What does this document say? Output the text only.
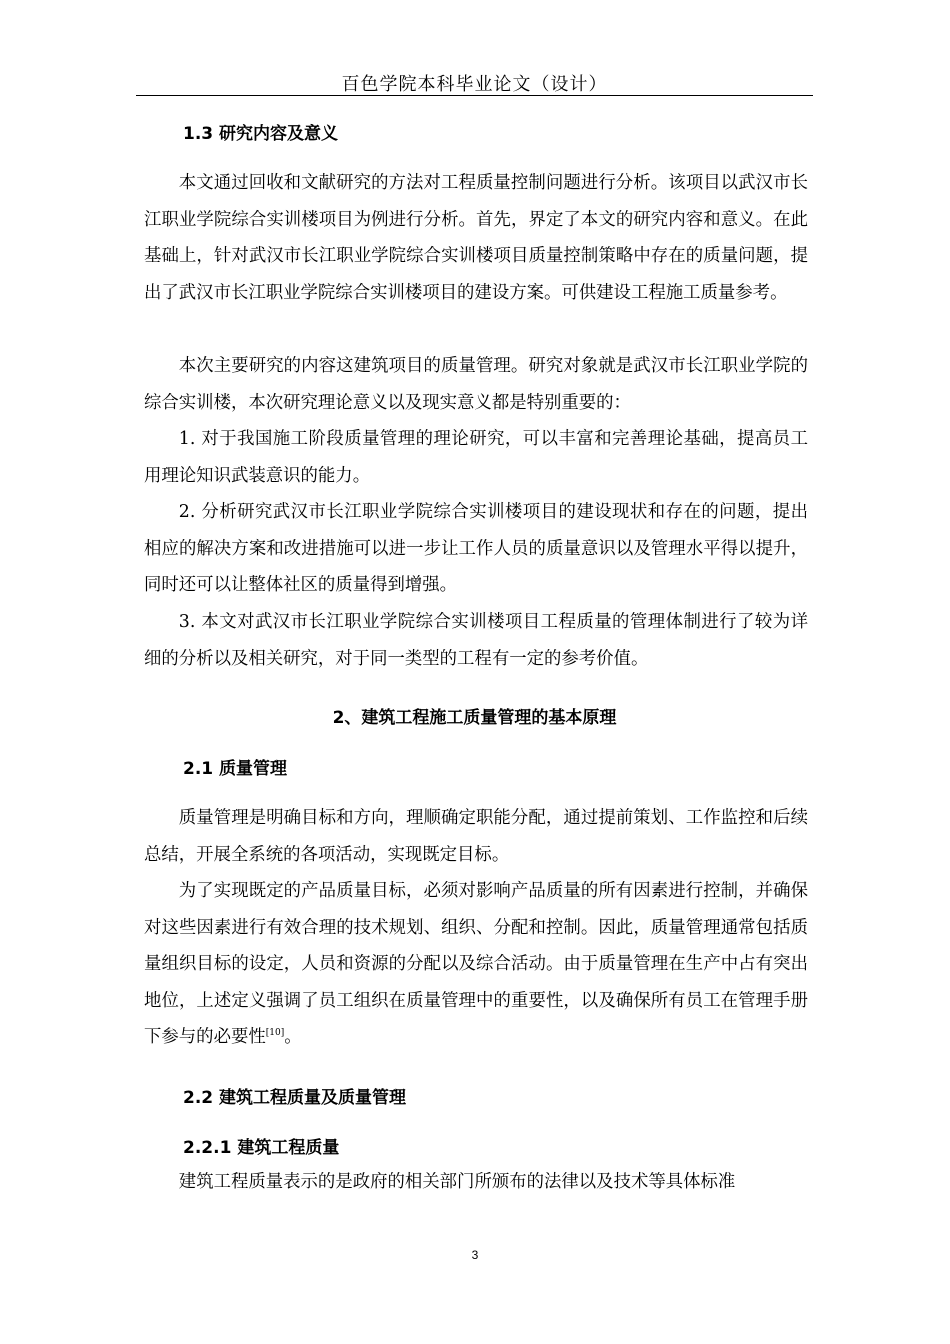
百色学院本科毕业论文（设计）
1.3 研究内容及意义

本文通过回收和文献研究的方法对工程质量控制问题进行分析。该项目以武汉市长江职业学院综合实训楼项目为例进行分析。首先，界定了本文的研究内容和意义。在此基础上，针对武汉市长江职业学院综合实训楼项目质量控制策略中存在的质量问题，提出了武汉市长江职业学院综合实训楼项目的建设方案。可供建设工程施工质量参考。

本次主要研究的内容这建筑项目的质量管理。研究对象就是武汉市长江职业学院的综合实训楼，本次研究理论意义以及现实意义都是特别重要的：

1. 对于我国施工阶段质量管理的理论研究，可以丰富和完善理论基础，提高员工用理论知识武装意识的能力。

2. 分析研究武汉市长江职业学院综合实训楼项目的建设现状和存在的问题，提出相应的解决方案和改进措施可以进一步让工作人员的质量意识以及管理水平得以提升，同时还可以让整体社区的质量得到增强。

3. 本文对武汉市长江职业学院综合实训楼项目工程质量的管理体制进行了较为详细的分析以及相关研究，对于同一类型的工程有一定的参考价值。

2、建筑工程施工质量管理的基本原理
2.1 质量管理

质量管理是明确目标和方向，理顺确定职能分配，通过提前策划、工作监控和后续总结，开展全系统的各项活动，实现既定目标。

为了实现既定的产品质量目标，必须对影响产品质量的所有因素进行控制，并确保对这些因素进行有效合理的技术规划、组织、分配和控制。因此，质量管理通常包括质量组织目标的设定，人员和资源的分配以及综合活动。由于质量管理在生产中占有突出地位，上述定义强调了员工组织在质量管理中的重要性，以及确保所有员工在管理手册下参与的必要性[10]。

2.2 建筑工程质量及质量管理
2.2.1 建筑工程质量

建筑工程质量表示的是政府的相关部门所颁布的法律以及技术等具体标准

3
